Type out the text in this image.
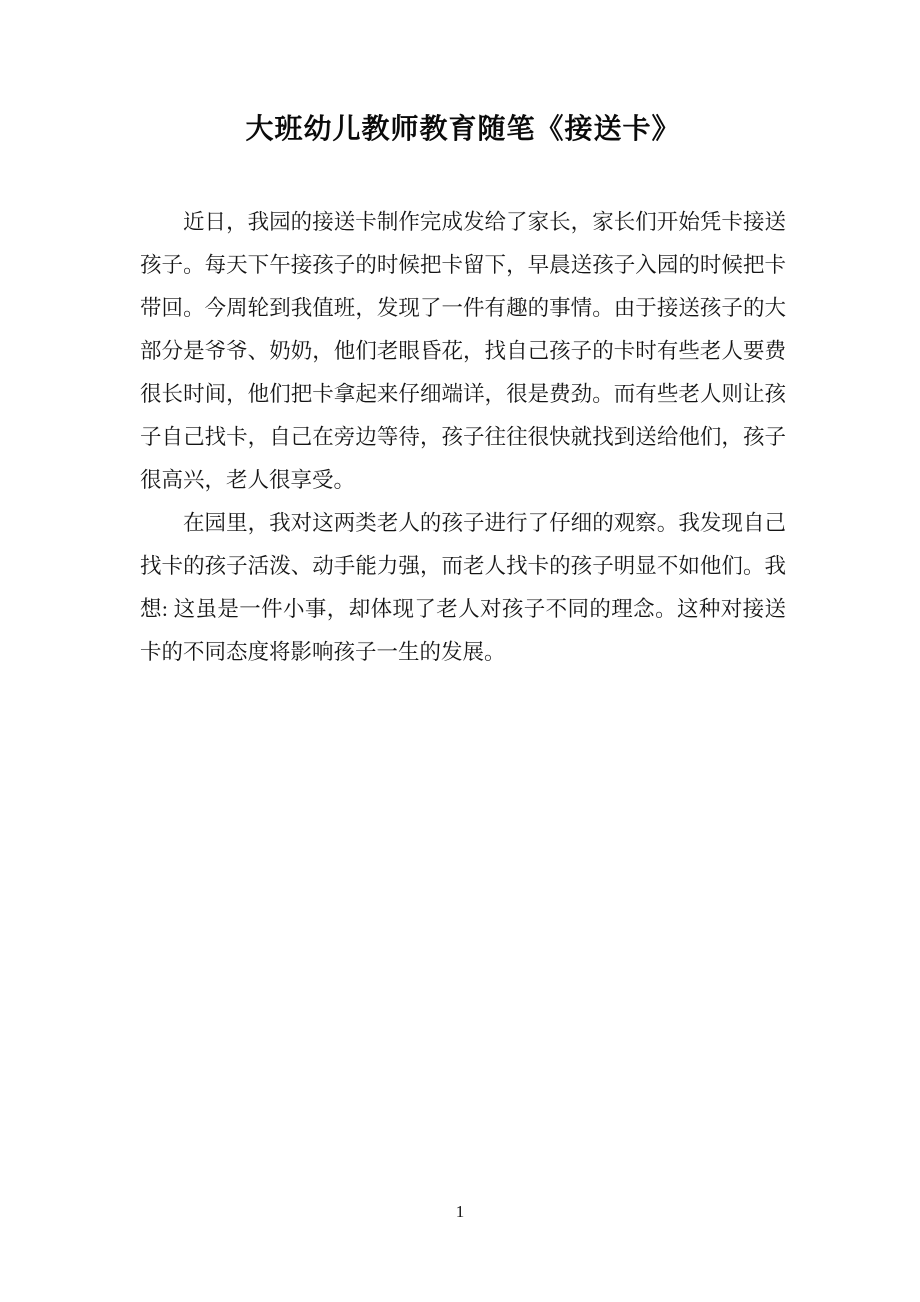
大班幼儿教师教育随笔《接送卡》

近日，我园的接送卡制作完成发给了家长，家长们开始凭卡接送孩子。每天下午接孩子的时候把卡留下，早晨送孩子入园的时候把卡带回。今周轮到我值班，发现了一件有趣的事情。由于接送孩子的大部分是爷爷、奶奶，他们老眼昏花，找自己孩子的卡时有些老人要费很长时间，他们把卡拿起来仔细端详，很是费劲。而有些老人则让孩子自己找卡，自己在旁边等待，孩子往往很快就找到送给他们，孩子很高兴，老人很享受。

在园里，我对这两类老人的孩子进行了仔细的观察。我发现自己找卡的孩子活泼、动手能力强，而老人找卡的孩子明显不如他们。我想: 这虽是一件小事，却体现了老人对孩子不同的理念。这种对接送卡的不同态度将影响孩子一生的发展。

1
